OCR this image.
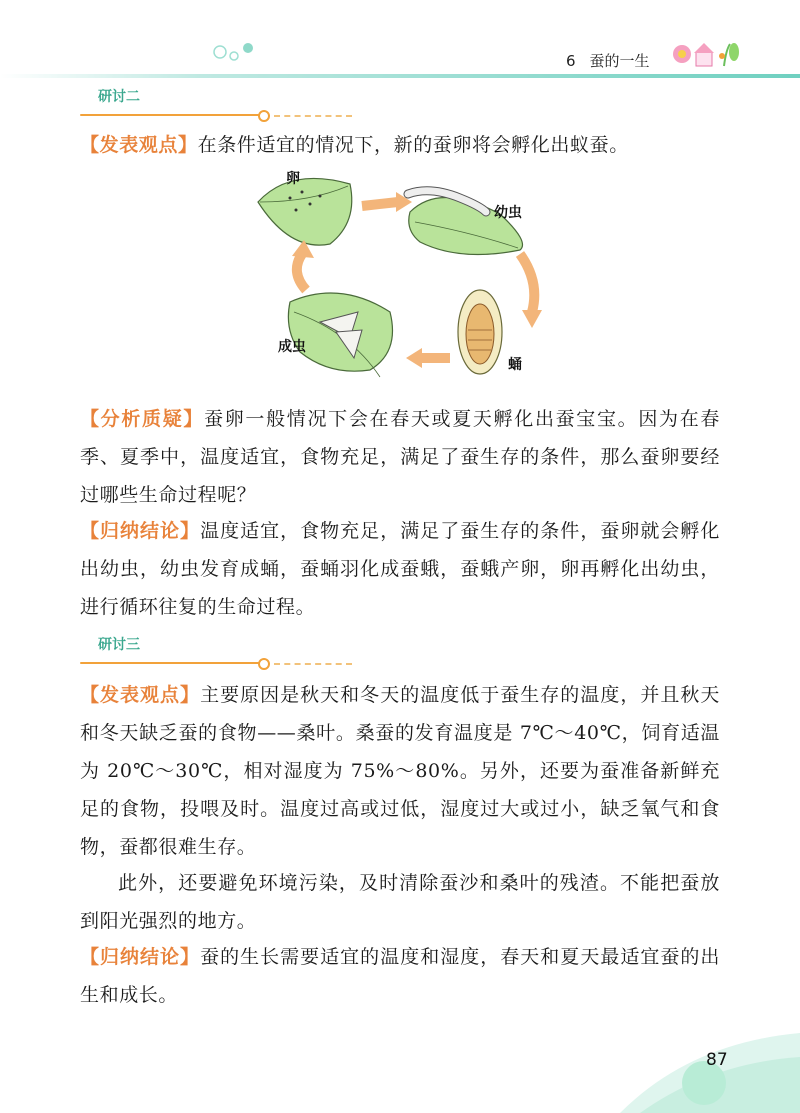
6 蚕的一生
研讨二
【发表观点】在条件适宜的情况下，新的蚕卵将会孵化出蚁蚕。
卵
幼虫
蛹
成虫
【分析质疑】蚕卵一般情况下会在春天或夏天孵化出蚕宝宝。因为在春季、夏季中，温度适宜，食物充足，满足了蚕生存的条件，那么蚕卵要经过哪些生命过程呢？
【归纳结论】温度适宜，食物充足，满足了蚕生存的条件，蚕卵就会孵化出幼虫，幼虫发育成蛹，蚕蛹羽化成蚕蛾，蚕蛾产卵，卵再孵化出幼虫，进行循环往复的生命过程。
研讨三
【发表观点】主要原因是秋天和冬天的温度低于蚕生存的温度，并且秋天和冬天缺乏蚕的食物——桑叶。桑蚕的发育温度是 7℃～40℃，饲育适温为 20℃～30℃，相对湿度为 75%～80%。另外，还要为蚕准备新鲜充足的食物，投喂及时。温度过高或过低，湿度过大或过小，缺乏氧气和食物，蚕都很难生存。
此外，还要避免环境污染，及时清除蚕沙和桑叶的残渣。不能把蚕放到阳光强烈的地方。
【归纳结论】蚕的生长需要适宜的温度和湿度，春天和夏天最适宜蚕的出生和成长。
87
